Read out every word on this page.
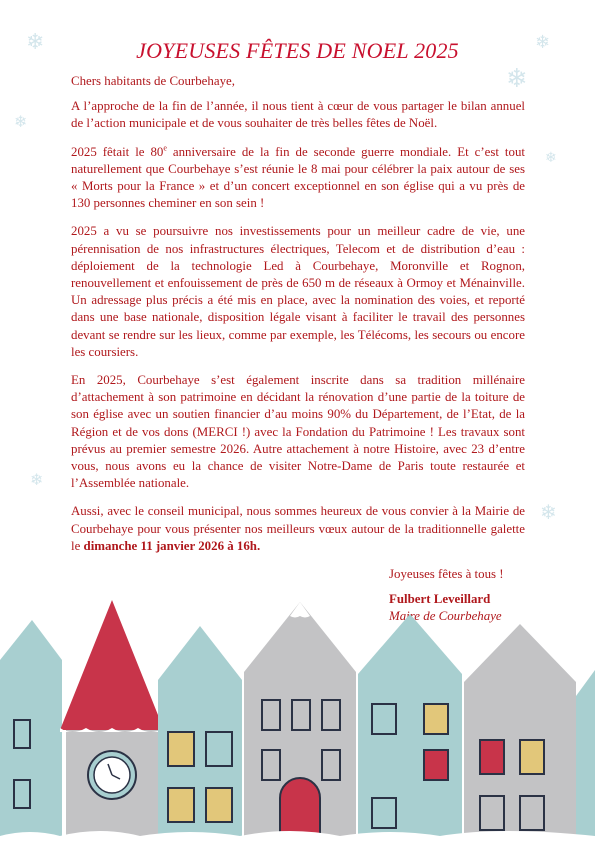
❄	❄
❄
❄
❄
❄
❄
JOYEUSES FÊTES DE NOEL 2025

Chers habitants de Courbehaye,

A l’approche de la fin de l’année, il nous tient à cœur de vous partager le bilan annuel de l’action municipale et de vous souhaiter de très belles fêtes de Noël.

2025 fêtait le 80e anniversaire de la fin de seconde guerre mondiale. Et c’est tout naturellement que Courbehaye s’est réunie le 8 mai pour célébrer la paix autour de ses « Morts pour la France » et d’un concert exceptionnel en son église qui a vu près de 130 personnes cheminer en son sein !

2025 a vu se poursuivre nos investissements pour un meilleur cadre de vie, une pérennisation de nos infrastructures électriques, Telecom et de distribution d’eau : déploiement de la technologie Led à Courbehaye, Moronville et Rognon, renouvellement et enfouissement de près de 650 m de réseaux à Ormoy et Ménainville. Un adressage plus précis a été mis en place, avec la nomination des voies, et reporté dans une base nationale, disposition légale visant à faciliter le travail des personnes devant se rendre sur les lieux, comme par exemple, les Télécoms, les secours ou encore les coursiers.

En 2025, Courbehaye s’est également inscrite dans sa tradition millénaire d’attachement à son patrimoine en décidant la rénovation d’une partie de la toiture de son église avec un soutien financier d’au moins 90% du Département, de l’Etat, de la Région et de vos dons (MERCI !) avec la Fondation du Patrimoine ! Les travaux sont prévus au premier semestre 2026. Autre attachement à notre Histoire, avec 23 d’entre vous, nous avons eu la chance de visiter Notre-Dame de Paris toute restaurée et l’Assemblée nationale.

Aussi, avec le conseil municipal, nous sommes heureux de vous convier à la Mairie de Courbehaye pour vous présenter nos meilleurs vœux autour de la traditionnelle galette le dimanche 11 janvier 2026 à 16h.

Joyeuses fêtes à tous !
Fulbert Leveillard
Maire de Courbehaye
